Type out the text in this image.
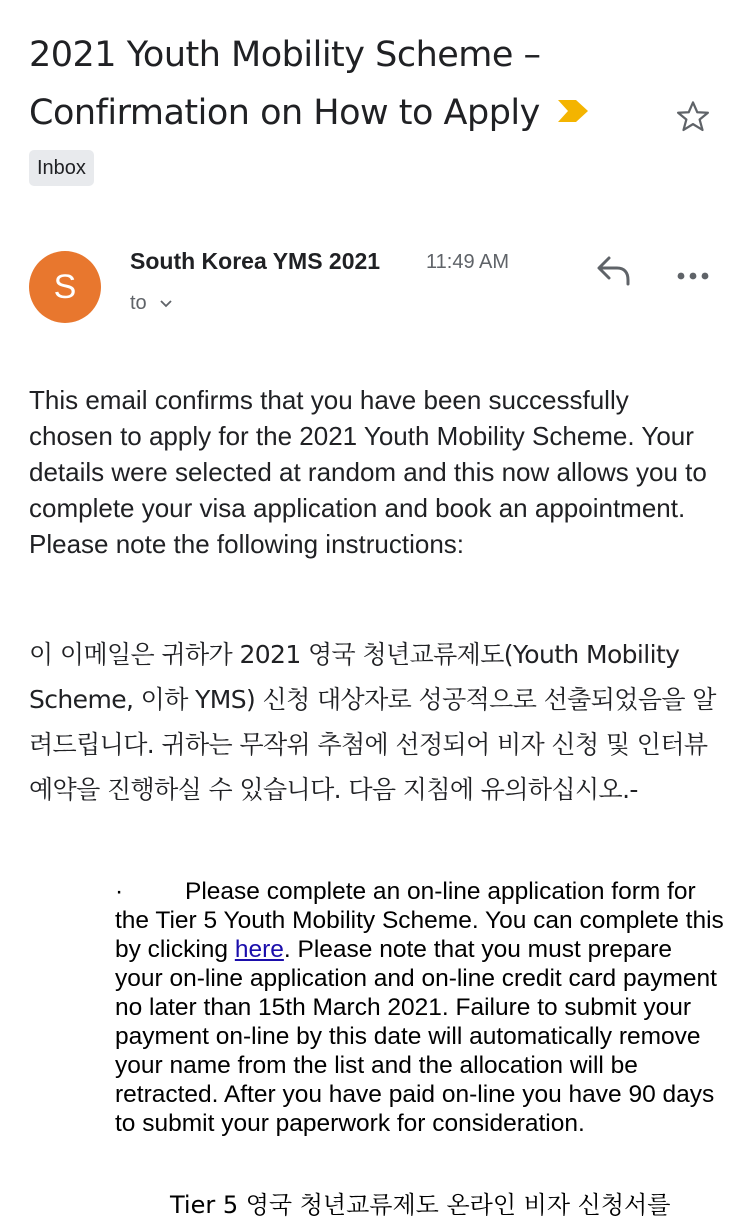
2021 Youth Mobility Scheme –
Confirmation on How to Apply
Inbox
S
South Korea YMS 2021 11:49 AM
to

This email confirms that you have been successfully chosen to apply for the 2021 Youth Mobility Scheme. Your details were selected at random and this now allows you to complete your visa application and book an appointment. Please note the following instructions:

이 이메일은 귀하가 2021 영국 청년교류제도(Youth Mobility Scheme, 이하 YMS) 신청 대상자로 성공적으로 선출되었음을 알려드립니다. 귀하는 무작위 추첨에 선정되어 비자 신청 및 인터뷰 예약을 진행하실 수 있습니다. 다음 지침에 유의하십시오.-

·	Please complete an on-line application form for the Tier 5 Youth Mobility Scheme. You can complete this by clicking here. Please note that you must prepare your on-line application and on-line credit card payment no later than 15th March 2021. Failure to submit your payment on-line by this date will automatically remove your name from the list and the allocation will be retracted. After you have paid on-line you have 90 days to submit your paperwork for consideration.

Tier 5 영국 청년교류제도 온라인 비자 신청서를
